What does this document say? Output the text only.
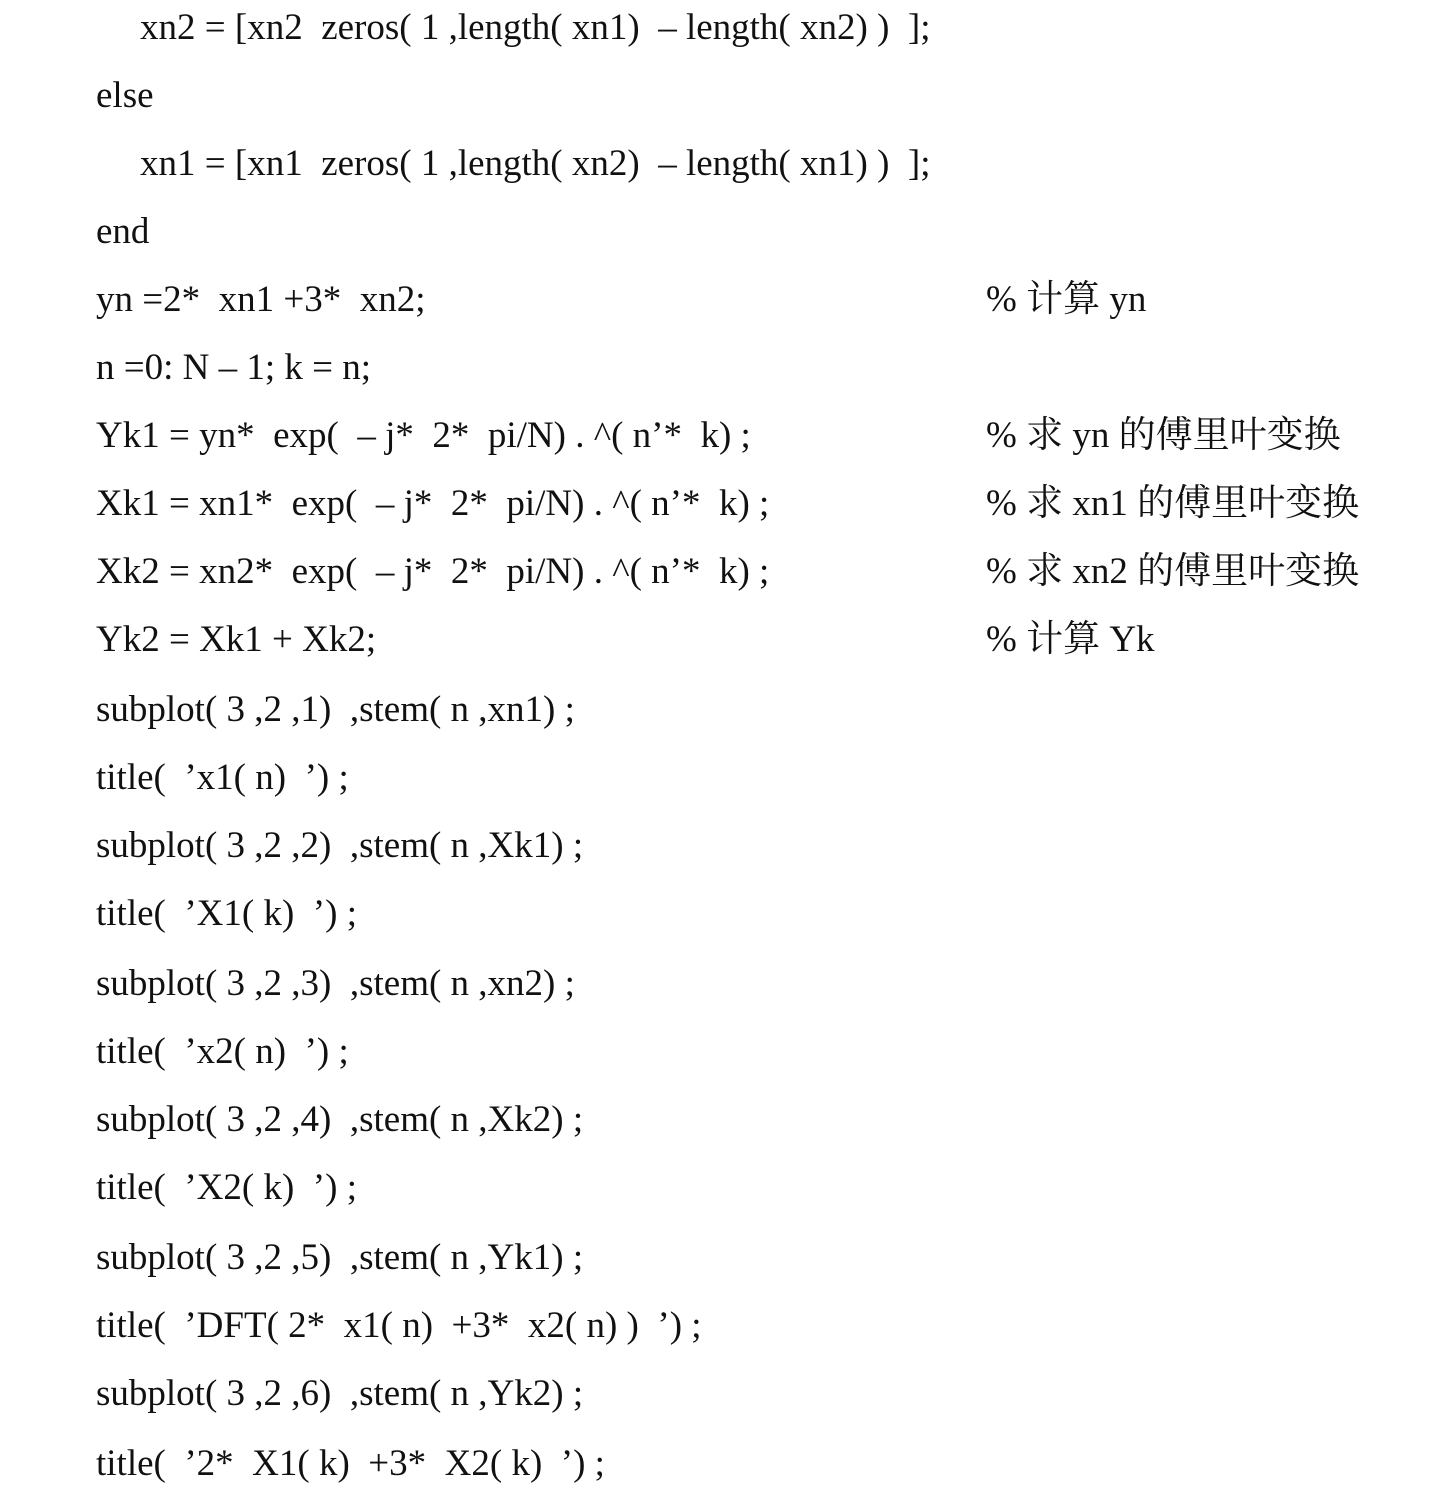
xn2 = [xn2  zeros( 1 ,length( xn1)  – length( xn2) )  ];
else
xn1 = [xn1  zeros( 1 ,length( xn2)  – length( xn1) )  ];
end
yn =2*  xn1 +3*  xn2;	% 计算 yn
n =0: N – 1; k = n;
Yk1 = yn*  exp(  – j*  2*  pi/N) . ^( n’*  k) ;	% 求 yn 的傅里叶变换
Xk1 = xn1*  exp(  – j*  2*  pi/N) . ^( n’*  k) ;	% 求 xn1 的傅里叶变换
Xk2 = xn2*  exp(  – j*  2*  pi/N) . ^( n’*  k) ;	% 求 xn2 的傅里叶变换
Yk2 = Xk1 + Xk2;	% 计算 Yk
subplot( 3 ,2 ,1)  ,stem( n ,xn1) ;
title(  ’x1( n)  ’) ;
subplot( 3 ,2 ,2)  ,stem( n ,Xk1) ;
title(  ’X1( k)  ’) ;
subplot( 3 ,2 ,3)  ,stem( n ,xn2) ;
title(  ’x2( n)  ’) ;
subplot( 3 ,2 ,4)  ,stem( n ,Xk2) ;
title(  ’X2( k)  ’) ;
subplot( 3 ,2 ,5)  ,stem( n ,Yk1) ;
title(  ’DFT( 2*  x1( n)  +3*  x2( n) )  ’) ;
subplot( 3 ,2 ,6)  ,stem( n ,Yk2) ;
title(  ’2*  X1( k)  +3*  X2( k)  ’) ;
